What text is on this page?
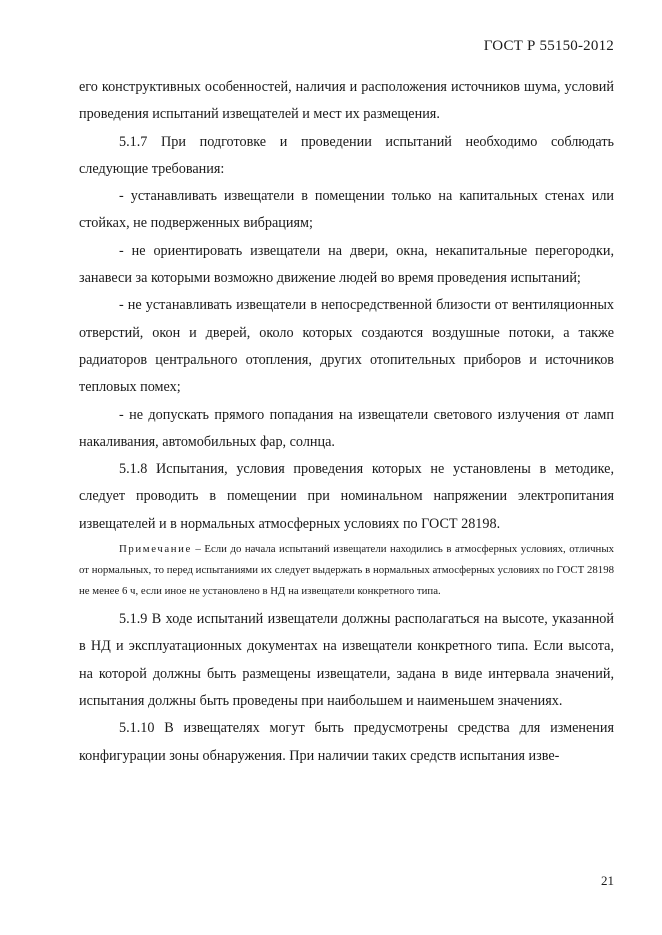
ГОСТ Р 55150-2012

его конструктивных особенностей, наличия и расположения источников шума, условий проведения испытаний извещателей и мест их размещения.

5.1.7 При подготовке и проведении испытаний необходимо соблюдать следующие требования:

- устанавливать извещатели в помещении только на капитальных стенах или стойках, не подверженных вибрациям;

- не ориентировать извещатели на двери, окна, некапитальные перегородки, занавеси за которыми возможно движение людей во время проведения испытаний;

- не устанавливать извещатели в непосредственной близости от вентиляционных отверстий, окон и дверей, около которых создаются воздушные потоки, а также радиаторов центрального отопления, других отопительных приборов и источников тепловых помех;

- не допускать прямого попадания на извещатели светового излучения от ламп накаливания, автомобильных фар, солнца.

5.1.8 Испытания, условия проведения которых не установлены в методике, следует проводить в помещении при номинальном напряжении электропитания извещателей и в нормальных атмосферных условиях по ГОСТ 28198.

Примечание – Если до начала испытаний извещатели находились в атмосферных условиях, отличных от нормальных, то перед испытаниями их следует выдержать в нормальных атмосферных условиях по ГОСТ 28198 не менее 6 ч, если иное не установлено в НД на извещатели конкретного типа.

5.1.9 В ходе испытаний извещатели должны располагаться на высоте, указанной в НД и эксплуатационных документах на извещатели конкретного типа. Если высота, на которой должны быть размещены извещатели, задана в виде интервала значений, испытания должны быть проведены при наибольшем и наименьшем значениях.

5.1.10 В извещателях могут быть предусмотрены средства для изменения конфигурации зоны обнаружения. При наличии таких средств испытания изве-

21
